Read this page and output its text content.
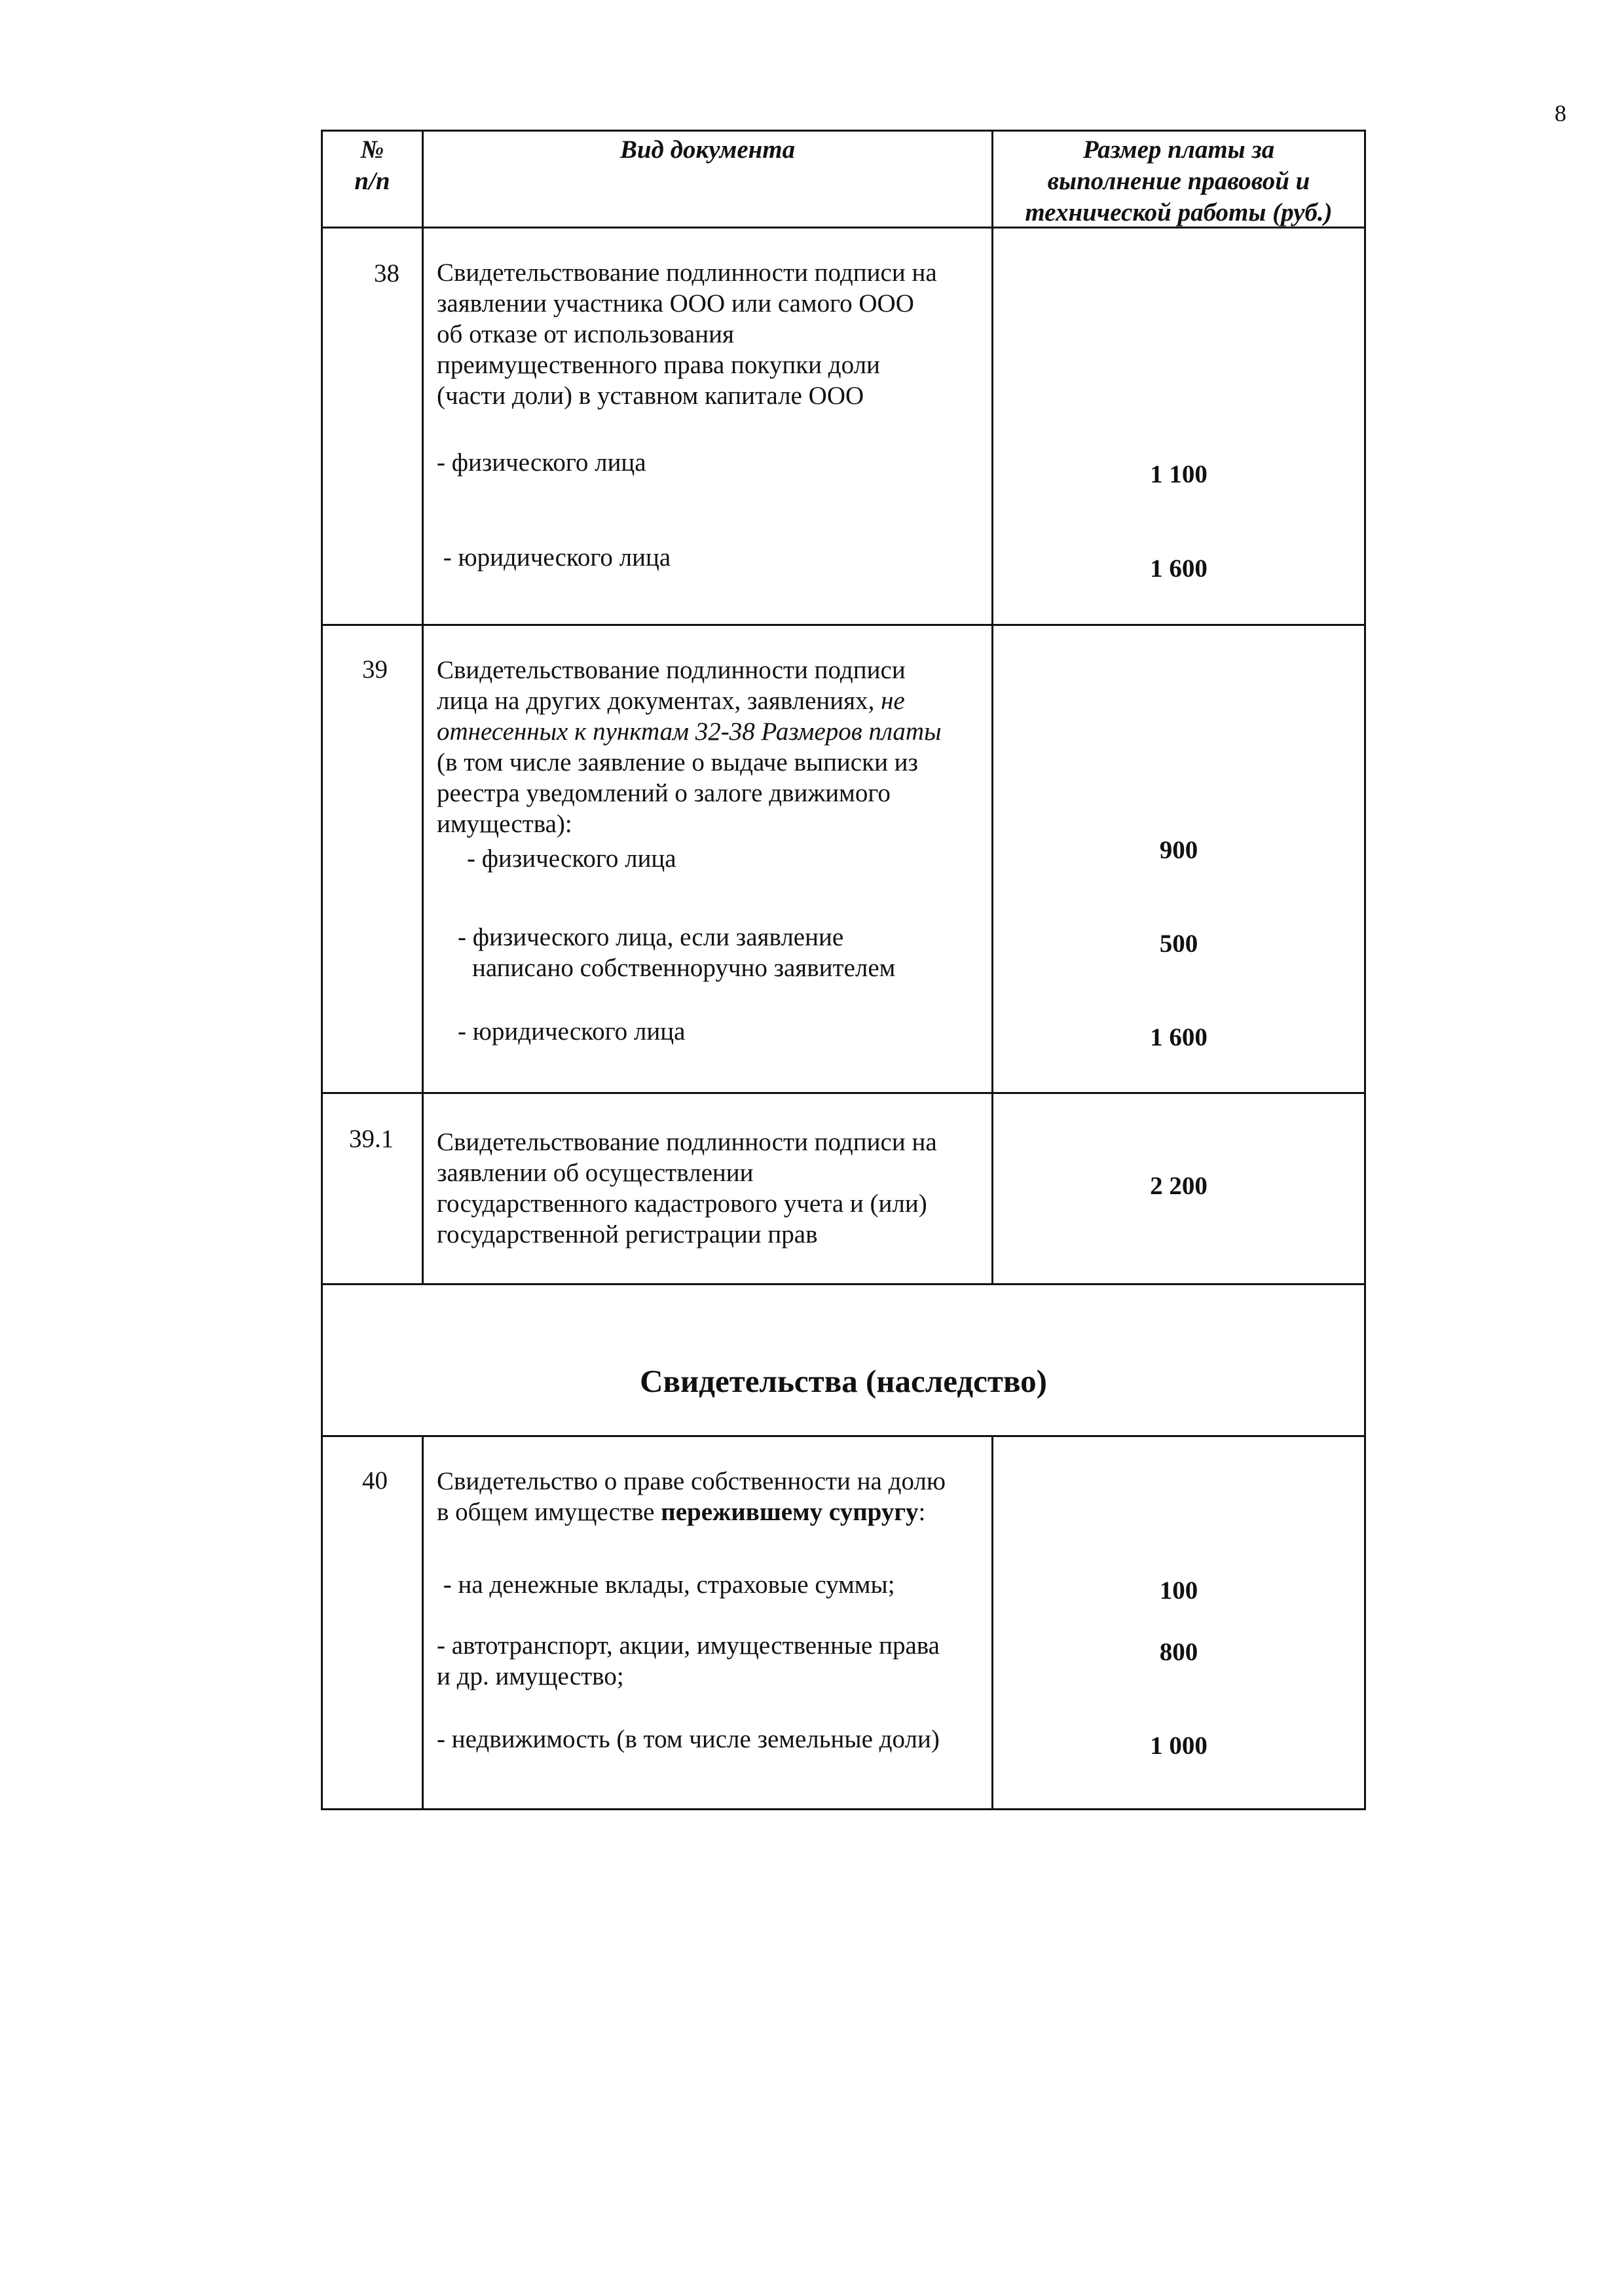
8
№
п/п
Вид документа	Размер платы за
выполнение правовой и
технической работы (руб.)
38 Свидетельствование подлинности подписи на
заявлении участника ООО или самого ООО
об отказе от использования
преимущественного права покупки доли
(части доли) в уставном капитале ООО
- физического лица
- юридического лица
1 100
1 600
39 Свидетельствование подлинности подписи
лица на других документах, заявлениях, не
отнесенных к пунктам 32-38 Размеров платы
(в том числе заявление о выдаче выписки из
реестра уведомлений о залоге движимого
имущества):
- физического лица
- физического лица, если заявление
написано собственноручно заявителем
- юридического лица
900
500
1 600
39.1 Свидетельствование подлинности подписи на
заявлении об осуществлении
государственного кадастрового учета и (или)
государственной регистрации прав
2 200
Свидетельства (наследство)
40 Свидетельство о праве собственности на долю
в общем имуществе пережившему супругу:
- на денежные вклады, страховые суммы;
- автотранспорт, акции, имущественные права
и др. имущество;
- недвижимость (в том числе земельные доли)
100
800
1 000
